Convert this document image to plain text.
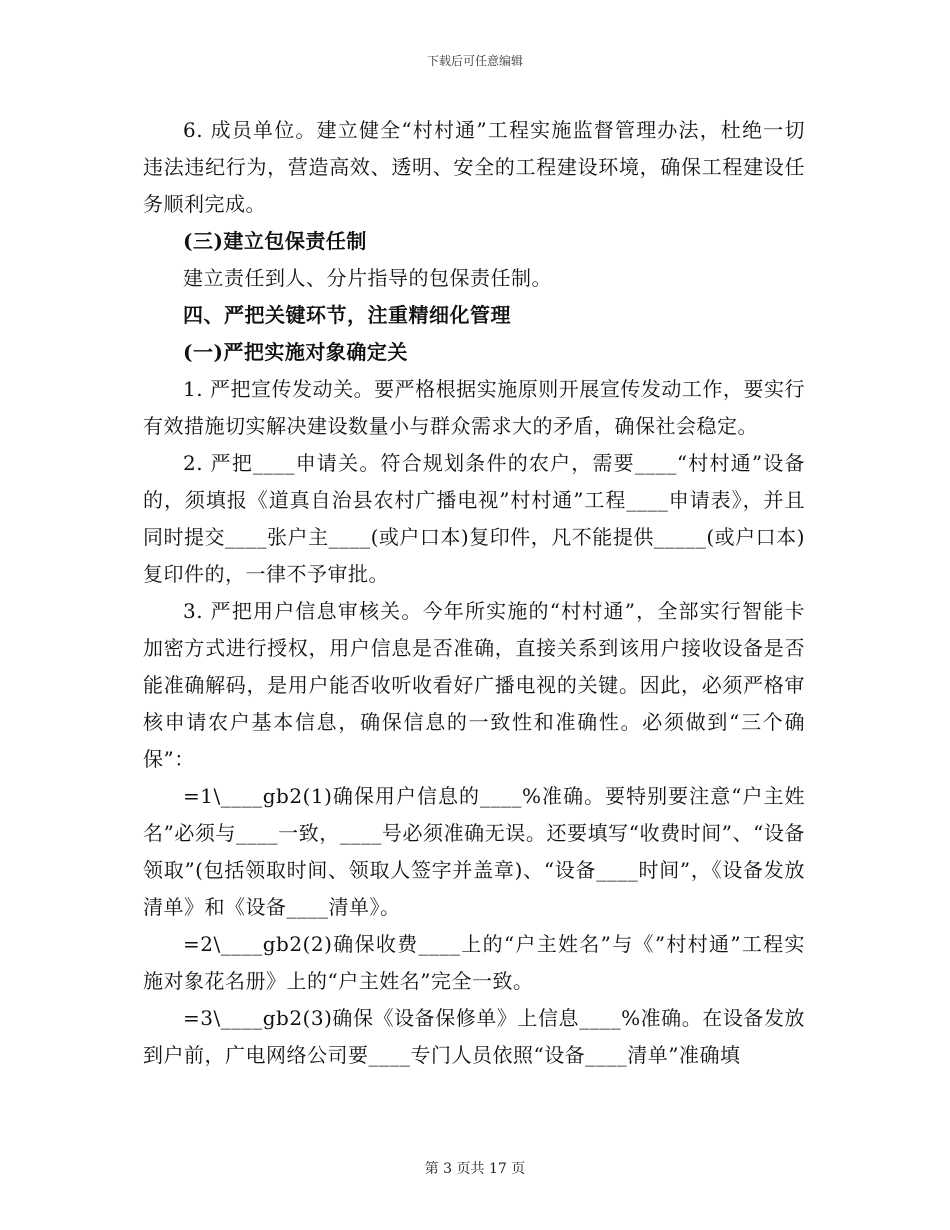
下载后可任意编辑

6. 成员单位。建立健全“村村通”工程实施监督管理办法，杜绝一切违法违纪行为，营造高效、透明、安全的工程建设环境，确保工程建设任务顺利完成。

(三)建立包保责任制

建立责任到人、分片指导的包保责任制。

四、严把关键环节，注重精细化管理

(一)严把实施对象确定关

1. 严把宣传发动关。要严格根据实施原则开展宣传发动工作，要实行有效措施切实解决建设数量小与群众需求大的矛盾，确保社会稳定。

2. 严把____申请关。符合规划条件的农户，需要____“村村通”设备的，须填报《道真自治县农村广播电视”村村通”工程____申请表》，并且同时提交____张户主____(或户口本)复印件，凡不能提供_____(或户口本)复印件的，一律不予审批。

3. 严把用户信息审核关。今年所实施的“村村通”，全部实行智能卡加密方式进行授权，用户信息是否准确，直接关系到该用户接收设备是否能准确解码，是用户能否收听收看好广播电视的关键。因此，必须严格审核申请农户基本信息，确保信息的一致性和准确性。必须做到“三个确保”：

=1\____gb2(1)确保用户信息的____%准确。要特别要注意“户主姓名”必须与____一致，____号必须准确无误。还要填写“收费时间”、“设备领取”(包括领取时间、领取人签字并盖章)、“设备____时间”，《设备发放清单》和《设备____清单》。

=2\____gb2(2)确保收费____上的“户主姓名”与《”村村通”工程实施对象花名册》上的“户主姓名”完全一致。

=3\____gb2(3)确保《设备保修单》上信息____%准确。在设备发放到户前，广电网络公司要____专门人员依照“设备____清单”准确填

第 3 页共 17 页
